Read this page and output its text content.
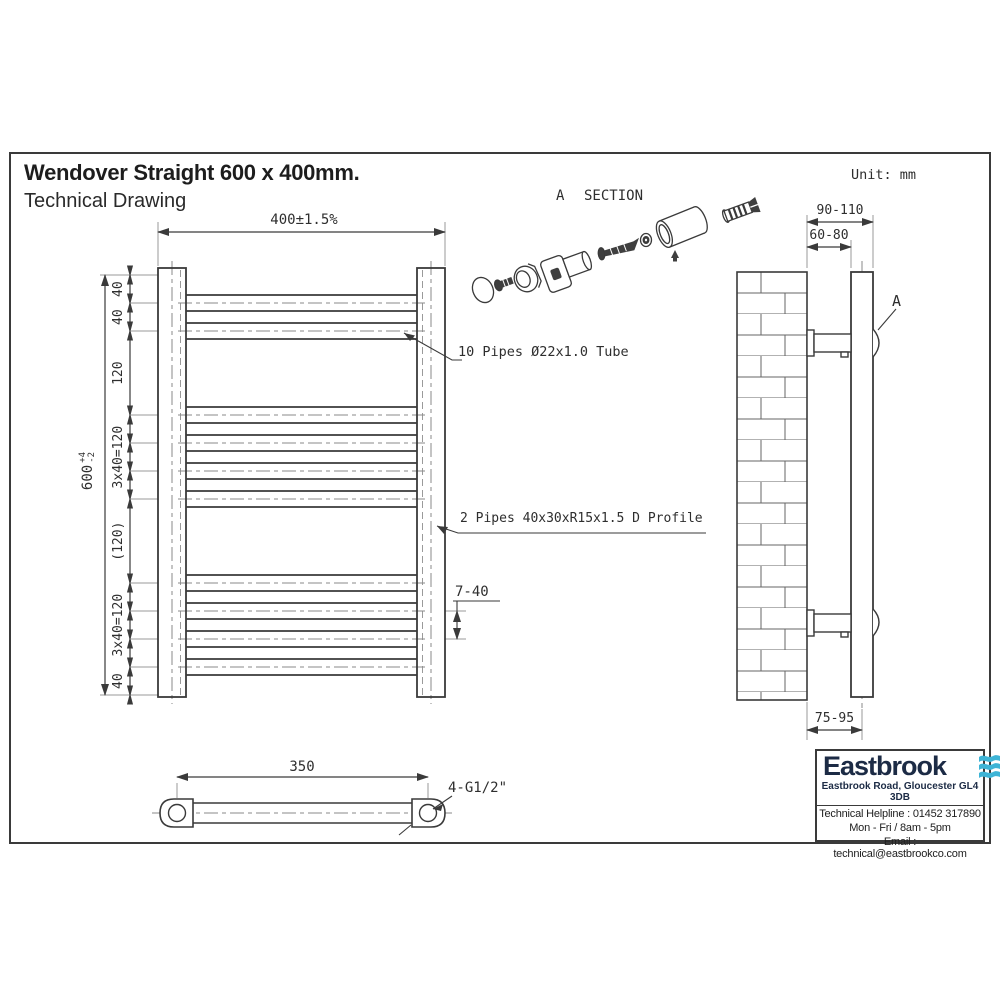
Wendover Straight 600 x 400mm.
Technical Drawing
Unit: mm
A SECTION
400±1.5%
600
+4 -2
40
40
120
3x40=120
(120)
3x40=120
40
10 Pipes Ø22x1.0 Tube
2 Pipes 40x30xR15x1.5 D Profile
7-40
90-110
60-80
75-95
A
350
4-G1/2"
Eastbrook
Eastbrook Road, Gloucester GL4 3DB
Technical Helpline : 01452 317890
Mon - Fri / 8am - 5pm
Email : technical@eastbrookco.com
